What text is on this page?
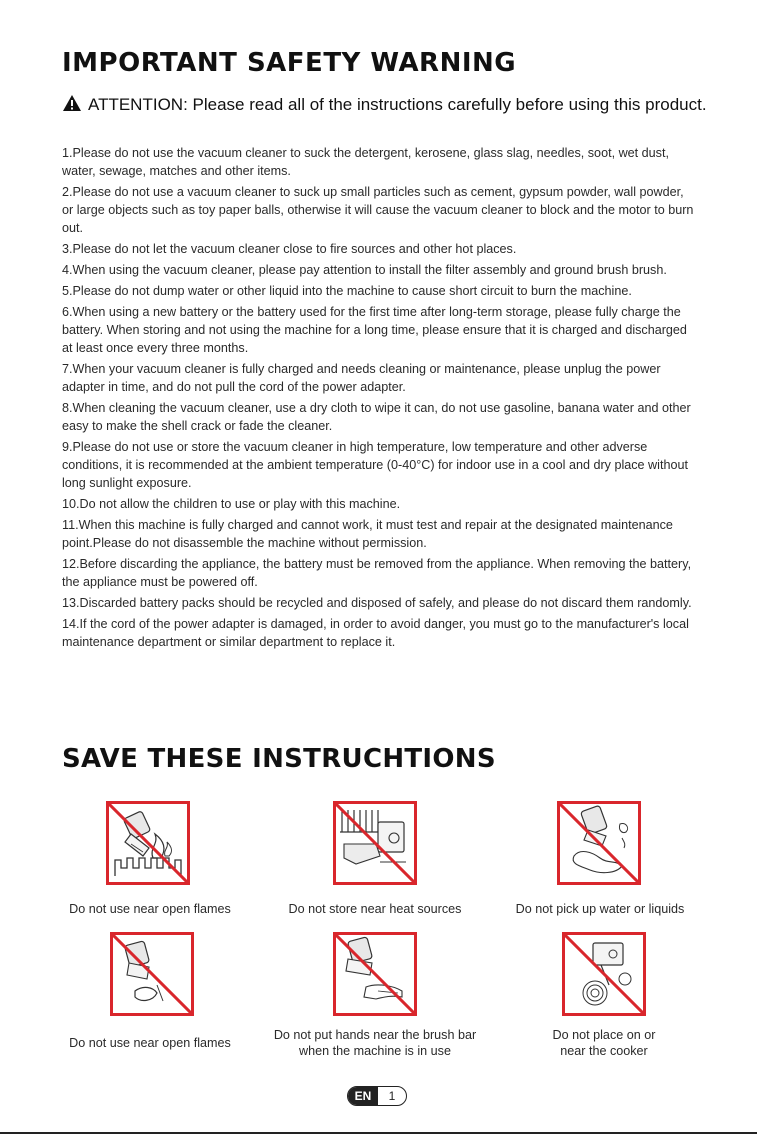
IMPORTANT SAFETY WARNING
ATTENTION: Please read all of the instructions carefully before using this product.
1.Please do not use the vacuum cleaner to suck the detergent, kerosene, glass slag, needles, soot, wet dust, water, sewage, matches and other items.
2.Please do not use a vacuum cleaner to suck up small particles such as cement, gypsum powder, wall powder, or large objects such as toy paper balls, otherwise it will cause the vacuum cleaner to block and the motor to burn out.
3.Please do not let the vacuum cleaner close to fire sources and other hot places.
4.When using the vacuum cleaner, please pay attention to install the filter assembly and ground brush brush.
5.Please do not dump water or other liquid into the machine to cause short circuit to burn the machine.
6.When using a new battery or the battery used for the first time after long-term storage, please fully charge the battery. When storing and not using the machine for a long time, please ensure that it is charged and discharged at least once every three months.
7.When your vacuum cleaner is fully charged and needs cleaning or maintenance, please unplug the power adapter in time, and do not pull the cord of the power adapter.
8.When cleaning the vacuum cleaner, use a dry cloth to wipe it can, do not use gasoline, banana water and other easy to make the shell crack or fade the cleaner.
9.Please do not use or store the vacuum cleaner in high temperature, low temperature and other adverse conditions, it is recommended at the ambient temperature (0-40°C) for indoor use in a cool and dry place without long sunlight exposure.
10.Do not allow the children to use or play with this machine.
11.When this machine is fully charged and cannot work, it must test and repair at the designated maintenance point.Please do not disassemble the machine without permission.
12.Before discarding the appliance, the battery must be removed from the appliance. When removing the battery, the appliance must be powered off.
13.Discarded battery packs should be recycled and disposed of safely, and please do not discard them randomly.
14.If the cord of the power adapter is damaged, in order to avoid danger, you must go to the manufacturer's local maintenance department or similar department to replace it.
SAVE THESE INSTRUCHTIONS
Do not use near open flames	Do not store near heat sources	Do not pick up water or liquids
Do not use near open flames
Do not put hands near the brush bar
when the machine is in use
Do not place on or
near the cooker
EN	1
